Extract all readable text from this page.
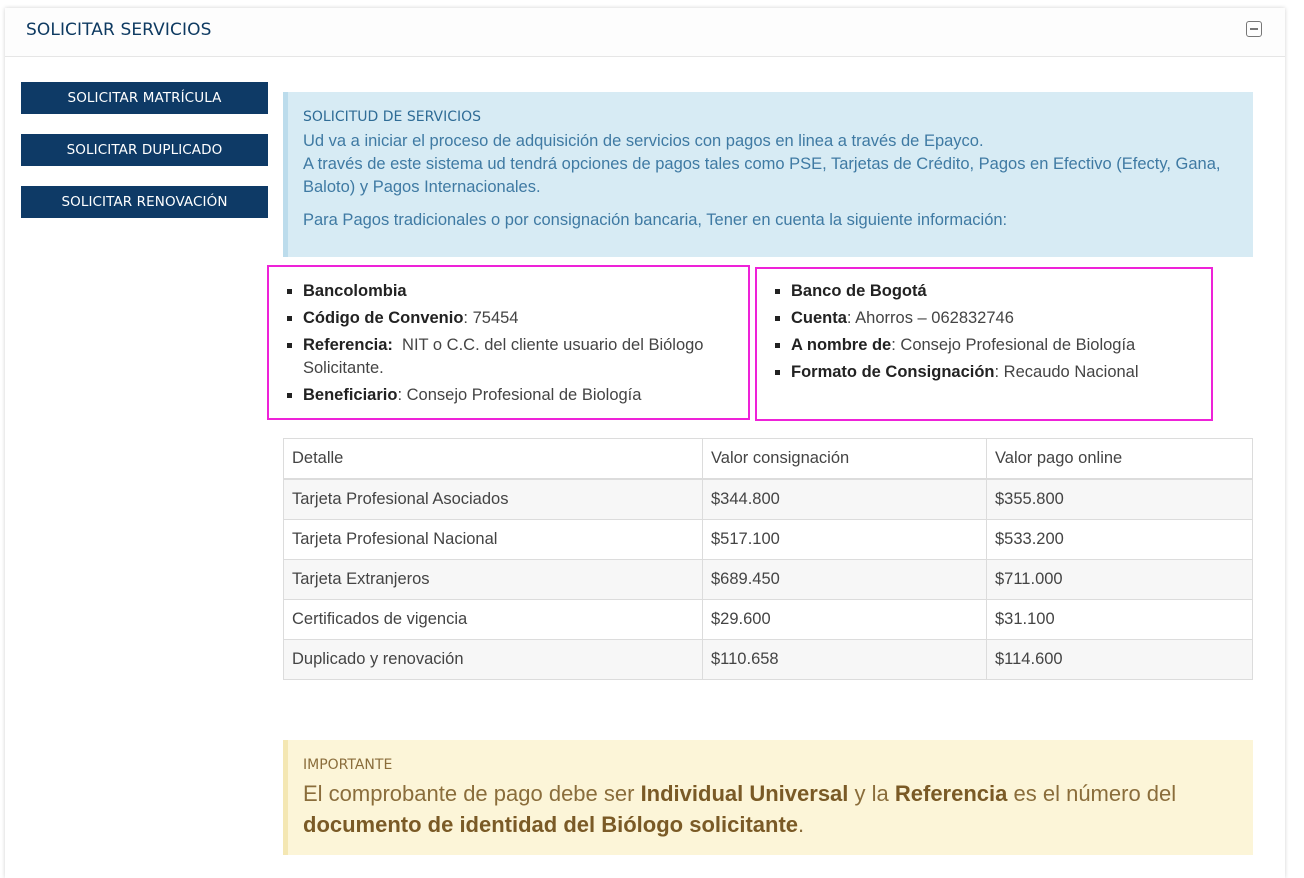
SOLICITAR SERVICIOS
SOLICITAR MATRÍCULA
SOLICITAR DUPLICADO
SOLICITAR RENOVACIÓN
SOLICITUD DE SERVICIOS

Ud va a iniciar el proceso de adquisición de servicios con pagos en linea a través de Epayco.

A través de este sistema ud tendrá opciones de pagos tales como PSE, Tarjetas de Crédito, Pagos en Efectivo (Efecty, Gana, Baloto) y Pagos Internacionales.

Para Pagos tradicionales o por consignación bancaria, Tener en cuenta la siguiente información:

Bancolombia
Código de Convenio: 75454
Referencia:  NIT o C.C. del cliente usuario del Biólogo Solicitante.
Beneficiario: Consejo Profesional de Biología
Banco de Bogotá
Cuenta: Ahorros – 062832746
A nombre de: Consejo Profesional de Biología
Formato de Consignación: Recaudo Nacional
Detalle	Valor consignación	Valor pago online
Tarjeta Profesional Asociados	$344.800	$355.800
Tarjeta Profesional Nacional	$517.100	$533.200
Tarjeta Extranjeros	$689.450	$711.000
Certificados de vigencia	$29.600	$31.100
Duplicado y renovación	$110.658	$114.600
IMPORTANTE
El comprobante de pago debe ser Individual Universal y la Referencia es el número del documento de identidad del Biólogo solicitante.
